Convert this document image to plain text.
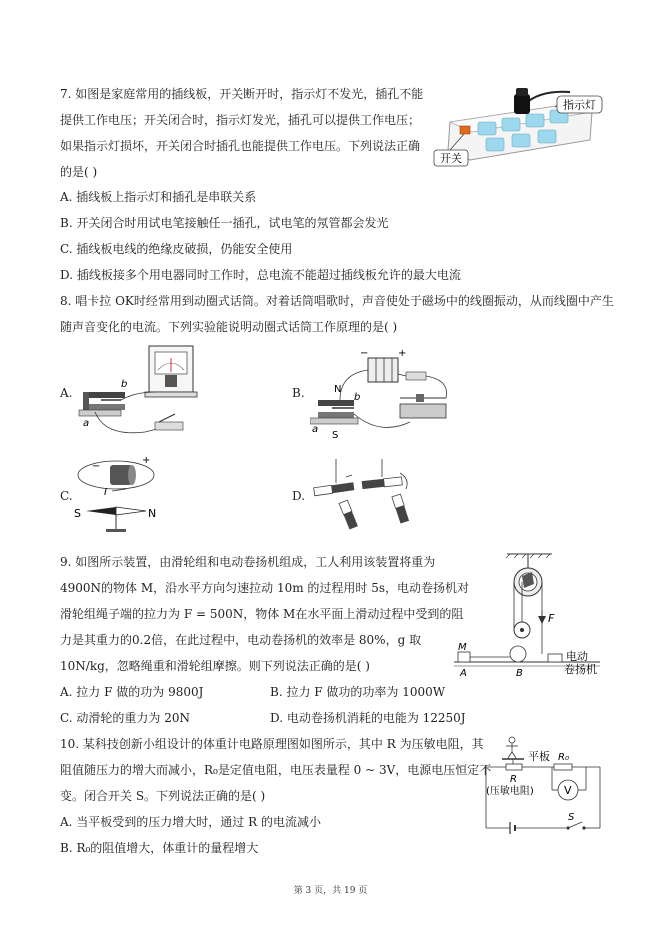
7. 如图是家庭常用的插线板，开关断开时，指示灯不发光，插孔不能
提供工作电压；开关闭合时，指示灯发光，插孔可以提供工作电压；
如果指示灯损坏，开关闭合时插孔也能提供工作电压。下列说法正确
的是( )
A. 插线板上指示灯和插孔是串联关系
B. 开关闭合时用试电笔接触任一插孔，试电笔的氖管都会发光
C. 插线板电线的绝缘皮破损，仍能安全使用
D. 插线板接多个用电器同时工作时，总电流不能超过插线板允许的最大电流
指示灯
开关
8. 唱卡拉 OK时经常用到动圈式话筒。对着话筒唱歌时，声音使处于磁场中的线圈振动，从而线圈中产生
随声音变化的电流。下列实验能说明动圈式话筒工作原理的是( )
A.	B.
C.	D.
b
a
−	+
N
S
b
a
−
+
I
S	N
9. 如图所示装置，由滑轮组和电动卷扬机组成，工人利用该装置将重为
4900N的物体 M，沿水平方向匀速拉动 10m 的过程用时 5s，电动卷扬机对
滑轮组绳子端的拉力为 F = 500N，物体 M在水平面上滑动过程中受到的阻
力是其重力的0.2倍，在此过程中，电动卷扬机的效率是 80%，g 取
10N/kg，忽略绳重和滑轮组摩擦。则下列说法正确的是( )
A. 拉力 F 做的功为 9800J	B. 拉力 F 做功的功率为 1000W
C. 动滑轮的重力为 20N	D. 电动卷扬机消耗的电能为 12250J
F
M
A	B
电动
卷扬机
10. 某科技创新小组设计的体重计电路原理图如图所示，其中 R 为压敏电阻，其
阻值随压力的增大而减小，R₀是定值电阻，电压表量程 0 ~ 3V，电源电压恒定不
变。闭合开关 S。下列说法正确的是( )
A. 当平板受到的压力增大时，通过 R 的电流减小
B. R₀的阻值增大，体重计的量程增大
平板
R
(压敏电阻)
R₀
V
S
第 3 页，共 19 页
